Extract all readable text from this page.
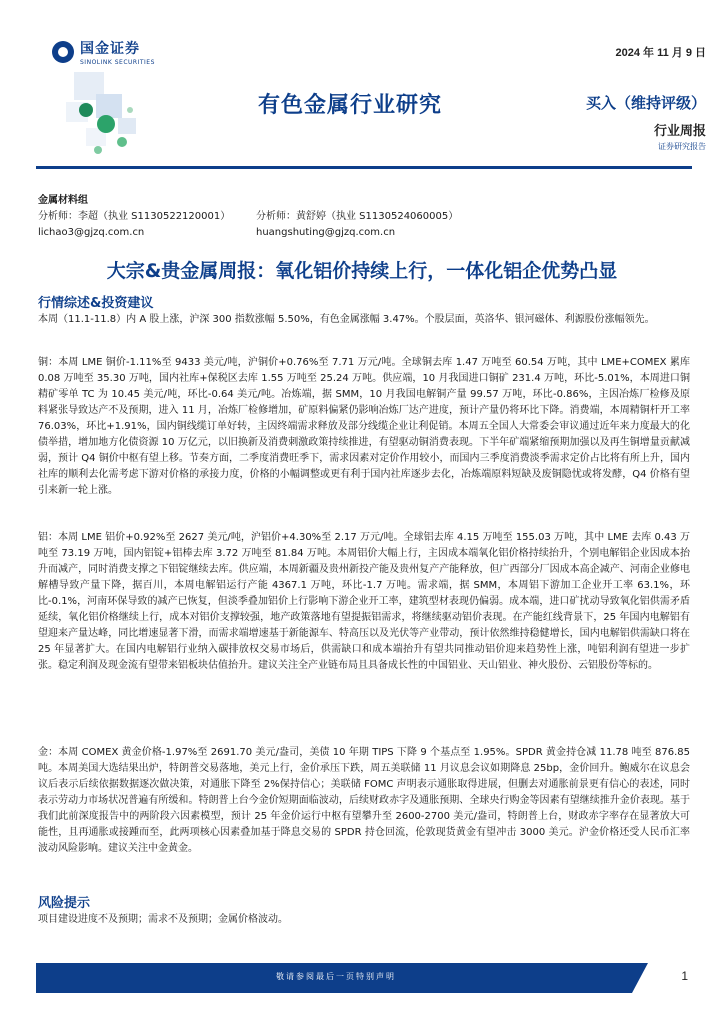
国金证券
SINOLINK SECURITIES
2024 年 11 月 9 日
有色金属行业研究	买入（维持评级）
行业周报
证券研究报告
金属材料组
分析师：李超（执业 S1130522120001）	分析师：黄舒婷（执业 S1130524060005）
lichao3@gjzq.com.cn	huangshuting@gjzq.com.cn
大宗&贵金属周报：氧化铝价持续上行，一体化铝企优势凸显
行情综述&投资建议
本周（11.1-11.8）内 A 股上涨，沪深 300 指数涨幅 5.50%，有色金属涨幅 3.47%。个股层面，英洛华、银河磁体、利源股份涨幅领先。
铜：本周 LME 铜价-1.11%至 9433 美元/吨，沪铜价+0.76%至 7.71 万元/吨。全球铜去库 1.47 万吨至 60.54 万吨，其中 LME+COMEX 累库 0.08 万吨至 35.30 万吨，国内社库+保税区去库 1.55 万吨至 25.24 万吨。供应端，10 月我国进口铜矿 231.4 万吨，环比-5.01%，本周进口铜精矿零单 TC 为 10.45 美元/吨，环比-0.64 美元/吨。冶炼端，据 SMM，10 月我国电解铜产量 99.57 万吨，环比-0.86%，主因冶炼厂检修及原料紧张导致达产不及预期，进入 11 月，冶炼厂检修增加，矿原料偏紧仍影响冶炼厂达产进度，预计产量仍将环比下降。消费端，本周精铜杆开工率 76.03%，环比+1.91%，国内铜线缆订单好转，主因终端需求释放及部分线缆企业让利促销。本周五全国人大常委会审议通过近年来力度最大的化债举措，增加地方化债资源 10 万亿元，以旧换新及消费刺激政策持续推进，有望驱动铜消费表现。下半年矿端紧缩预期加强以及再生铜增量贡献减弱，预计 Q4 铜价中枢有望上移。节奏方面，二季度消费旺季下，需求因素对定价作用较小，而国内三季度消费淡季需求定价占比将有所上升，国内社库的顺利去化需考虑下游对价格的承接力度，价格的小幅调整或更有利于国内社库逐步去化，冶炼端原料短缺及废铜隐忧或将发酵，Q4 价格有望引来新一轮上涨。
铝：本周 LME 铝价+0.92%至 2627 美元/吨，沪铝价+4.30%至 2.17 万元/吨。全球铝去库 4.15 万吨至 155.03 万吨，其中 LME 去库 0.43 万吨至 73.19 万吨，国内铝锭+铝棒去库 3.72 万吨至 81.84 万吨。本周铝价大幅上行，主因成本端氧化铝价格持续抬升，个别电解铝企业因成本抬升而减产，同时消费支撑之下铝锭继续去库。供应端，本周新疆及贵州新投产能及贵州复产产能释放，但广西部分厂因成本高企减产、河南企业修电解槽导致产量下降，据百川，本周电解铝运行产能 4367.1 万吨，环比-1.7 万吨。需求端，据 SMM，本周铝下游加工企业开工率 63.1%，环比-0.1%，河南环保导致的减产已恢复，但淡季叠加铝价上行影响下游企业开工率，建筑型材表现仍偏弱。成本端，进口矿扰动导致氧化铝供需矛盾延续，氧化铝价格继续上行，成本对铝价支撑较强，地产政策落地有望提振铝需求，将继续驱动铝价表现。在产能红线背景下，25 年国内电解铝有望迎来产量达峰，同比增速显著下滑，而需求端增速基于新能源车、特高压以及光伏等产业带动，预计依然维持稳健增长，国内电解铝供需缺口将在 25 年显著扩大。在国内电解铝行业纳入碳排放权交易市场后，供需缺口和成本端抬升有望共同推动铝价迎来趋势性上涨，吨铝利润有望进一步扩张。稳定利润及现金流有望带来铝板块估值抬升。建议关注全产业链布局且具备成长性的中国铝业、天山铝业、神火股份、云铝股份等标的。
金：本周 COMEX 黄金价格-1.97%至 2691.70 美元/盎司，美债 10 年期 TIPS 下降 9 个基点至 1.95%。SPDR 黄金持仓减 11.78 吨至 876.85 吨。本周美国大选结果出炉，特朗普交易落地，美元上行，金价承压下跌，周五美联储 11 月议息会议如期降息 25bp，金价回升。鲍威尔在议息会议后表示后续依据数据逐次做决策，对通胀下降至 2%保持信心；美联储 FOMC 声明表示通胀取得进展，但删去对通胀前景更有信心的表述，同时表示劳动力市场状况普遍有所缓和。特朗普上台今金价短期面临波动，后续财政赤字及通胀预期、全球央行购金等因素有望继续推升金价表现。基于我们此前深度报告中的两阶段六因素模型，预计 25 年金价运行中枢有望攀升至 2600-2700 美元/盎司，特朗普上台，财政赤字率存在显著放大可能性，且再通胀或接踵而至，此两项核心因素叠加基于降息交易的 SPDR 持仓回流，伦敦现货黄金有望冲击 3000 美元。沪金价格还受人民币汇率波动风险影响。建议关注中金黄金。
风险提示
项目建设进度不及预期；需求不及预期；金属价格波动。
敬请参阅最后一页特别声明	1
